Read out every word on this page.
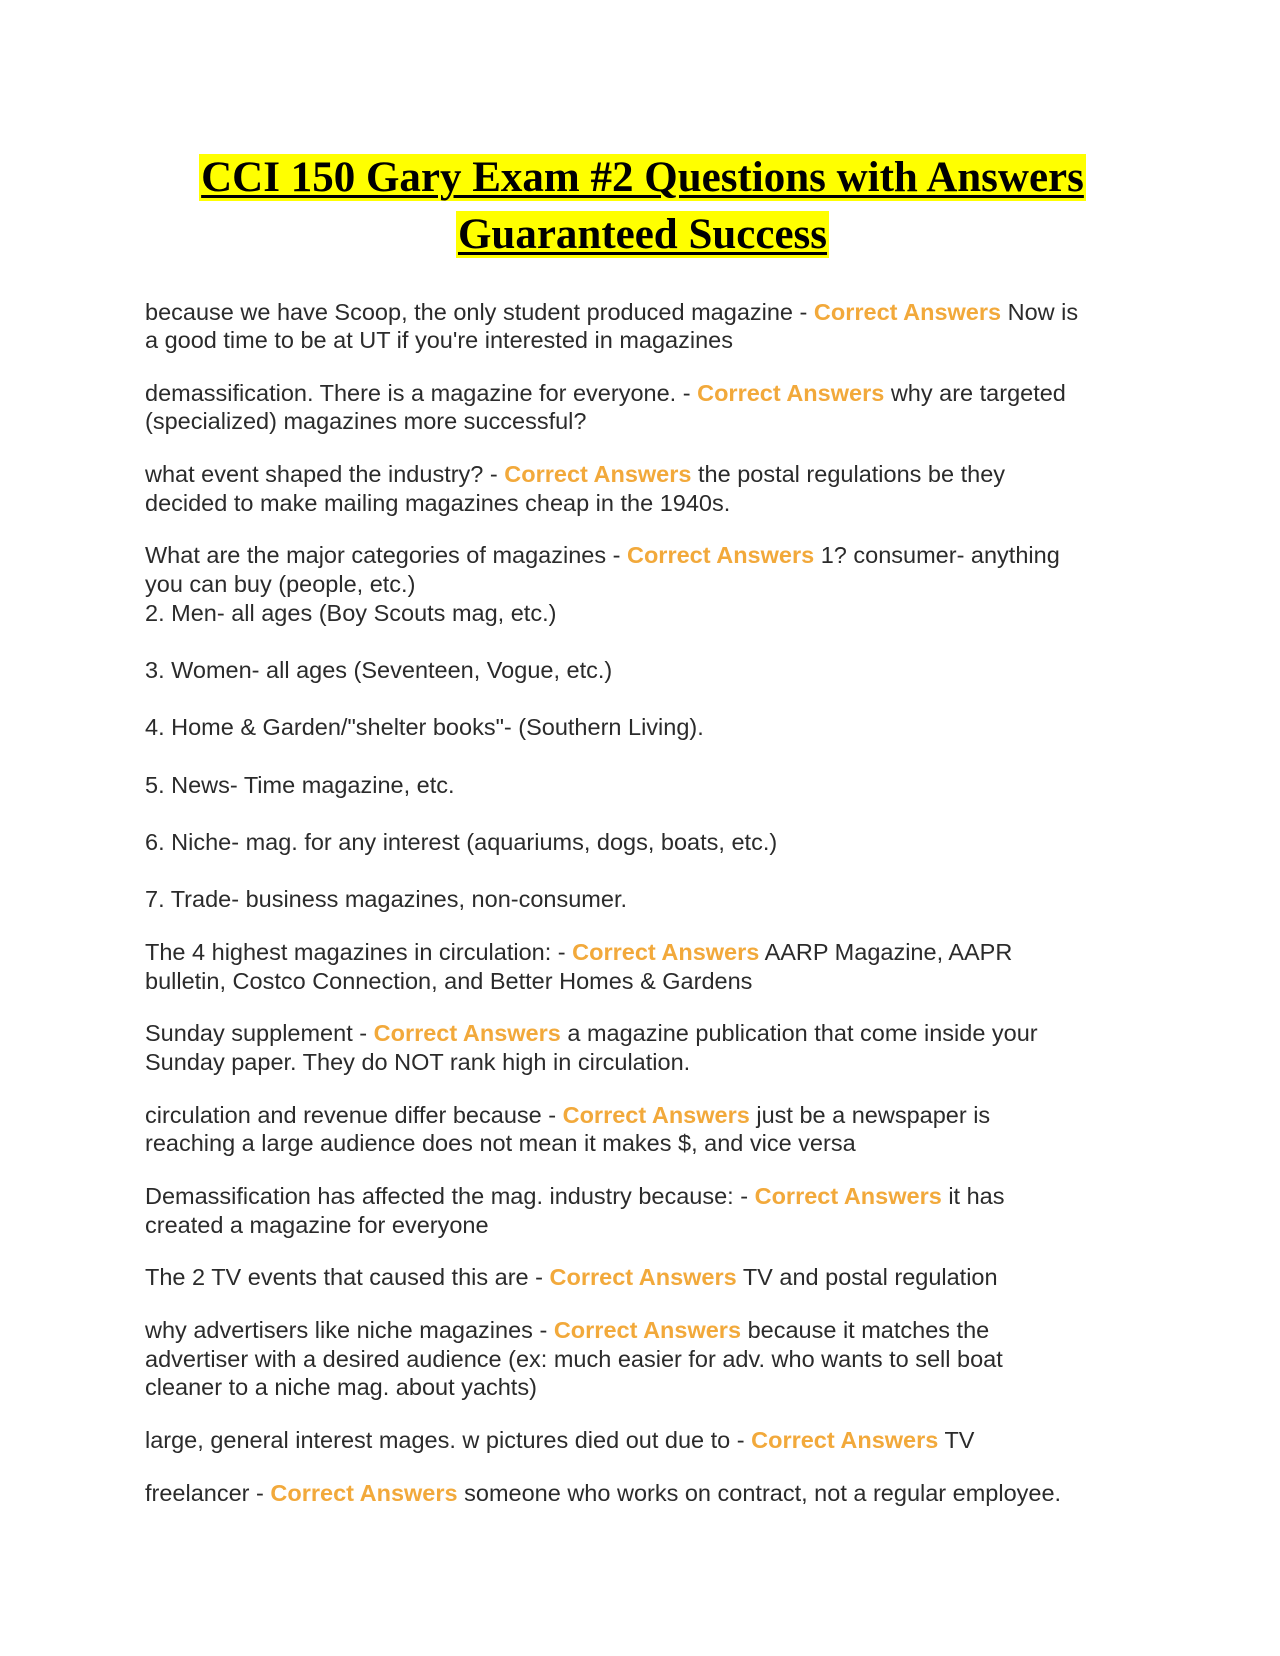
CCI 150 Gary Exam #2 Questions with Answers Guaranteed Success

because we have Scoop, the only student produced magazine - Correct Answers Now is a good time to be at UT if you're interested in magazines

demassification. There is a magazine for everyone. - Correct Answers why are targeted (specialized) magazines more successful?

what event shaped the industry? - Correct Answers the postal regulations be they decided to make mailing magazines cheap in the 1940s.

What are the major categories of magazines - Correct Answers 1? consumer- anything you can buy (people, etc.)

2. Men- all ages (Boy Scouts mag, etc.)

3. Women- all ages (Seventeen, Vogue, etc.)

4. Home & Garden/"shelter books"- (Southern Living).

5. News- Time magazine, etc.

6. Niche- mag. for any interest (aquariums, dogs, boats, etc.)

7. Trade- business magazines, non-consumer.

The 4 highest magazines in circulation: - Correct Answers AARP Magazine, AAPR bulletin, Costco Connection, and Better Homes & Gardens

Sunday supplement - Correct Answers a magazine publication that come inside your Sunday paper. They do NOT rank high in circulation.

circulation and revenue differ because - Correct Answers just be a newspaper is reaching a large audience does not mean it makes $, and vice versa

Demassification has affected the mag. industry because: - Correct Answers it has created a magazine for everyone

The 2 TV events that caused this are - Correct Answers TV and postal regulation

why advertisers like niche magazines - Correct Answers because it matches the advertiser with a desired audience (ex: much easier for adv. who wants to sell boat cleaner to a niche mag. about yachts)

large, general interest mages. w pictures died out due to - Correct Answers TV

freelancer - Correct Answers someone who works on contract, not a regular employee.
